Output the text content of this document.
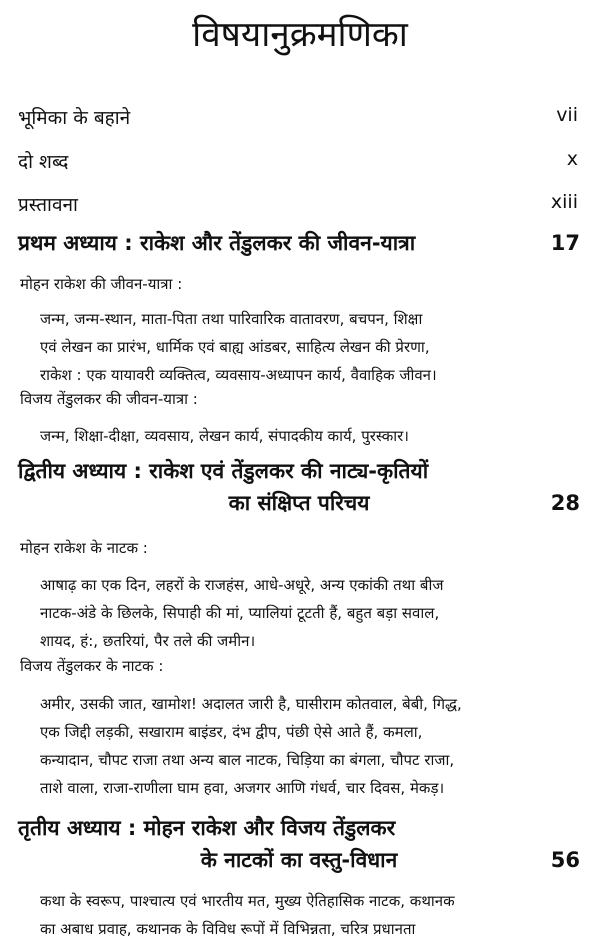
विषयानुक्रमणिका
भूमिका के बहाने	vii
दो शब्द	x
प्रस्तावना	xiii
प्रथम अध्याय : राकेश और तेंडुलकर की जीवन-यात्रा	17
मोहन राकेश की जीवन-यात्रा :
जन्म, जन्म-स्थान, माता-पिता तथा पारिवारिक वातावरण, बचपन, शिक्षा
एवं लेखन का प्रारंभ, धार्मिक एवं बाह्य आंडबर, साहित्य लेखन की प्रेरणा,
राकेश : एक यायावरी व्यक्तित्व, व्यवसाय-अध्यापन कार्य, वैवाहिक जीवन।
विजय तेंडुलकर की जीवन-यात्रा :
जन्म, शिक्षा-दीक्षा, व्यवसाय, लेखन कार्य, संपादकीय कार्य, पुरस्कार।
द्वितीय अध्याय : राकेश एवं तेंडुलकर की नाट्य-कृतियों
का संक्षिप्त परिचय	28
मोहन राकेश के नाटक :
आषाढ़ का एक दिन, लहरों के राजहंस, आधे-अधूरे, अन्य एकांकी तथा बीज
नाटक-अंडे के छिलके, सिपाही की मां, प्यालियां टूटती हैं, बहुत बड़ा सवाल,
शायद, हं:, छतरियां, पैर तले की जमीन।
विजय तेंडुलकर के नाटक :
अमीर, उसकी जात, खामोश! अदालत जारी है, घासीराम कोतवाल, बेबी, गिद्ध,
एक जिद्दी लड़की, सखाराम बाइंडर, दंभ द्वीप, पंछी ऐसे आते हैं, कमला,
कन्यादान, चौपट राजा तथा अन्य बाल नाटक, चिड़िया का बंगला, चौपट राजा,
ताशे वाला, राजा-राणीला घाम हवा, अजगर आणि गंधर्व, चार दिवस, मेकड़।
तृतीय अध्याय : मोहन राकेश और विजय तेंडुलकर
के नाटकों का वस्तु-विधान	56
कथा के स्वरूप, पाश्चात्य एवं भारतीय मत, मुख्य ऐतिहासिक नाटक, कथानक
का अबाध प्रवाह, कथानक के विविध रूपों में विभिन्नता, चरित्र प्रधानता
